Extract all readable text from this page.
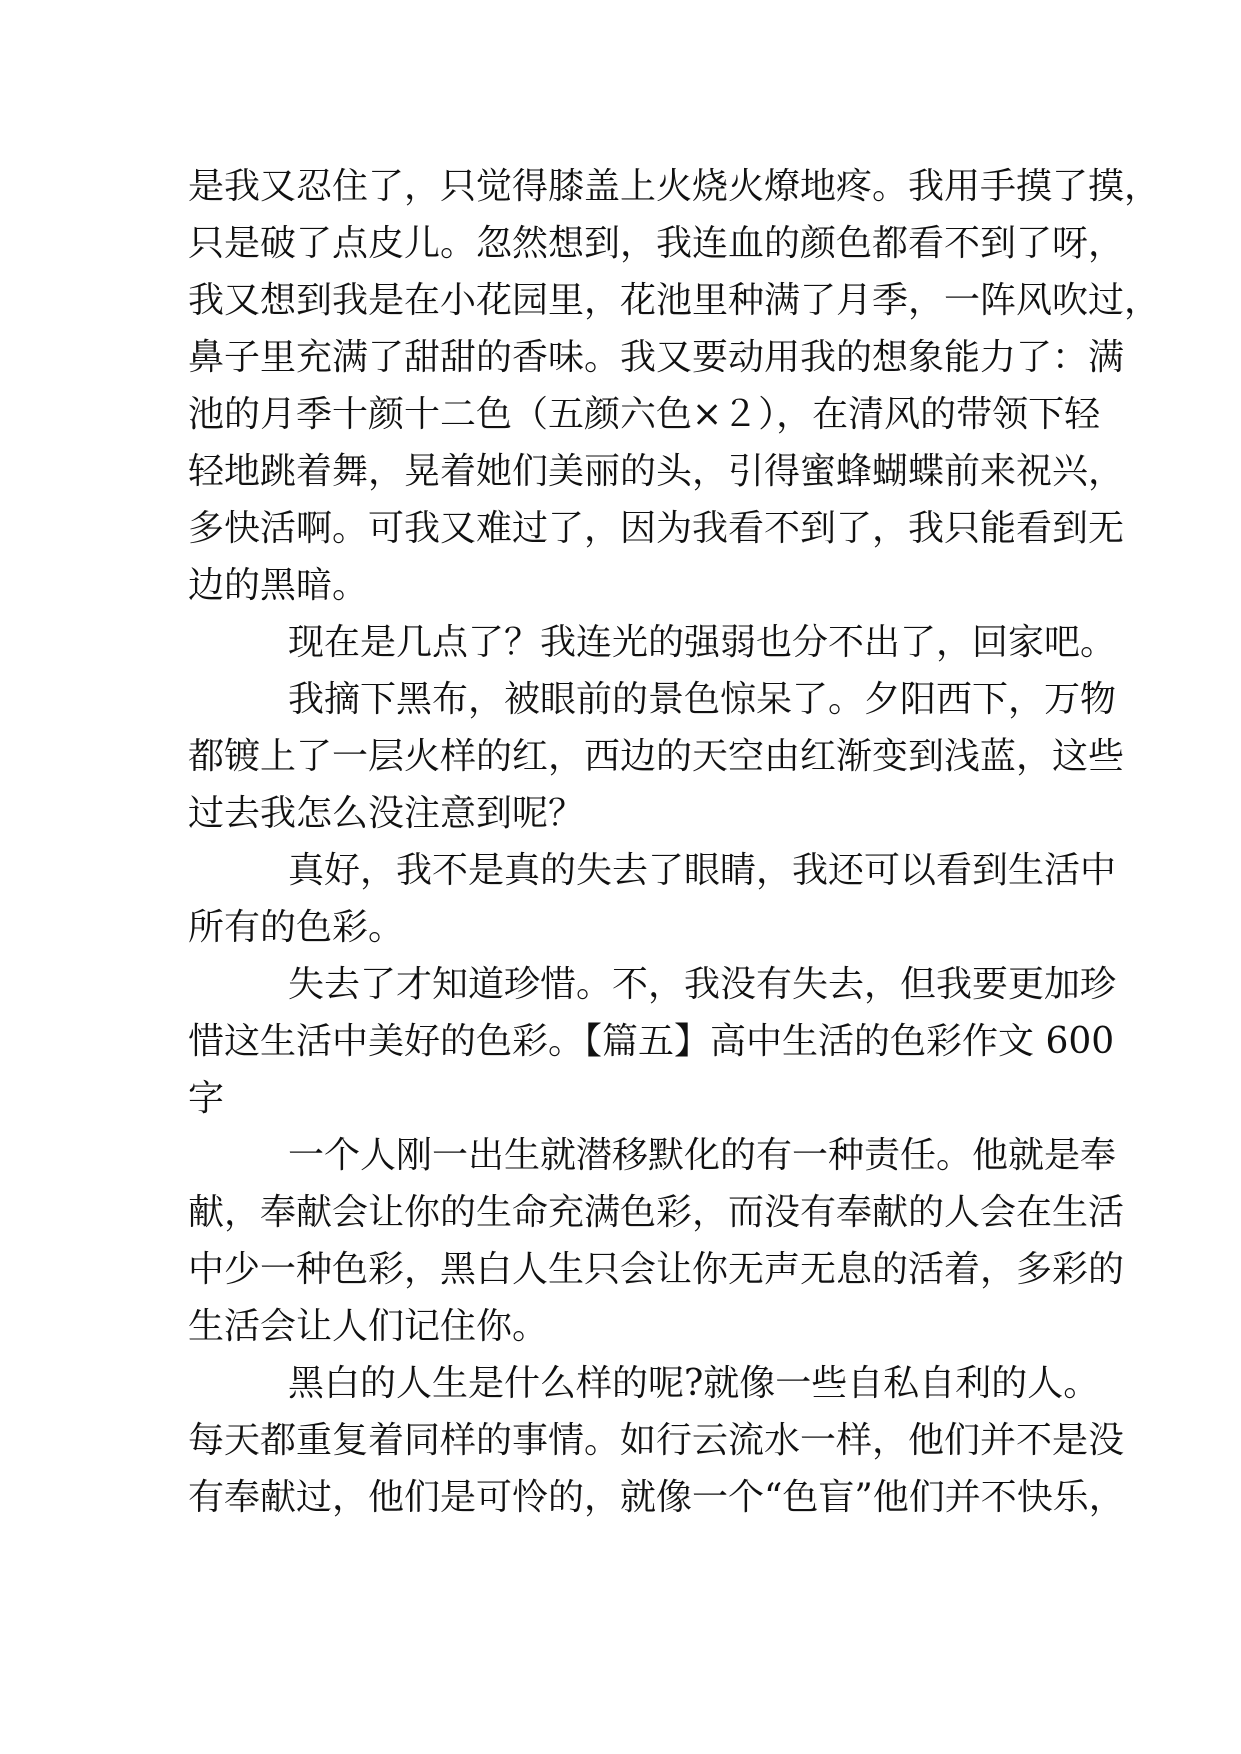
是我又忍住了，只觉得膝盖上火烧火燎地疼。我用手摸了摸，
只是破了点皮儿。忽然想到，我连血的颜色都看不到了呀，
我又想到我是在小花园里，花池里种满了月季，一阵风吹过，
鼻子里充满了甜甜的香味。我又要动用我的想象能力了：满
池的月季十颜十二色（五颜六色×２），在清风的带领下轻
轻地跳着舞，晃着她们美丽的头，引得蜜蜂蝴蝶前来祝兴，
多快活啊。可我又难过了，因为我看不到了，我只能看到无
边的黑暗。
现在是几点了？我连光的强弱也分不出了，回家吧。
我摘下黑布，被眼前的景色惊呆了。夕阳西下，万物
都镀上了一层火样的红，西边的天空由红渐变到浅蓝，这些
过去我怎么没注意到呢？
真好，我不是真的失去了眼睛，我还可以看到生活中
所有的色彩。
失去了才知道珍惜。不，我没有失去，但我要更加珍
惜这生活中美好的色彩。【篇五】高中生活的色彩作文 600
字
一个人刚一出生就潜移默化的有一种责任。他就是奉
献，奉献会让你的生命充满色彩，而没有奉献的人会在生活
中少一种色彩，黑白人生只会让你无声无息的活着，多彩的
生活会让人们记住你。
黑白的人生是什么样的呢?就像一些自私自利的人。
每天都重复着同样的事情。如行云流水一样，他们并不是没
有奉献过，他们是可怜的，就像一个“色盲”他们并不快乐，
